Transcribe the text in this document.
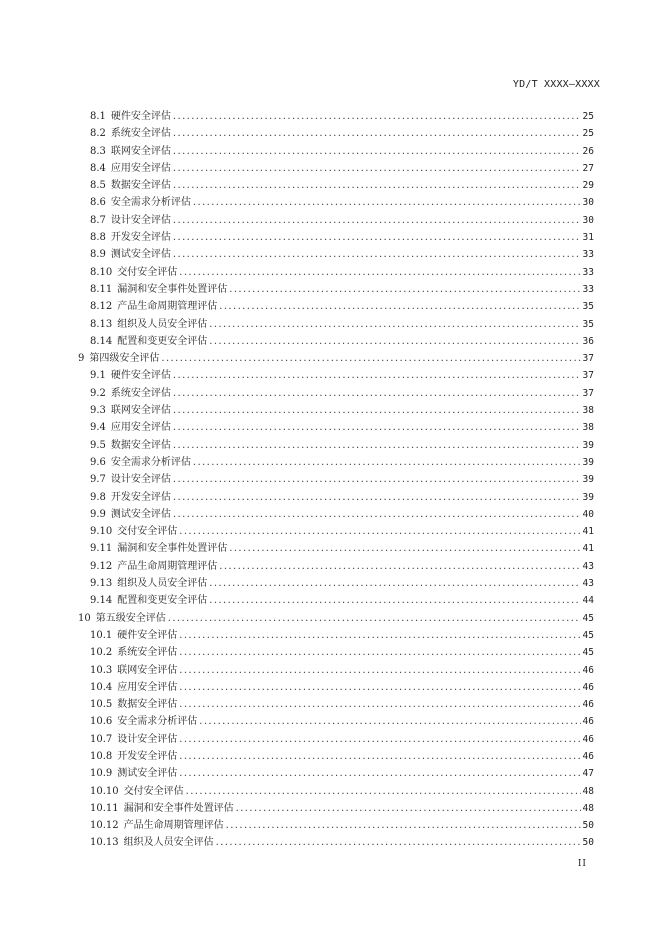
YD/T XXXX—XXXX
8.1 硬件安全评估 .....	25
8.2 系统安全评估 .....	25
8.3 联网安全评估 .....	26
8.4 应用安全评估 .....	27
8.5 数据安全评估 .....	29
8.6 安全需求分析评估 .....	30
8.7 设计安全评估 .....	30
8.8 开发安全评估 .....	31
8.9 测试安全评估 .....	33
8.10 交付安全评估 .....	33
8.11 漏洞和安全事件处置评估 .....	33
8.12 产品生命周期管理评估 .....	35
8.13 组织及人员安全评估 .....	35
8.14 配置和变更安全评估 .....	36
9 第四级安全评估 .....	37
9.1 硬件安全评估 .....	37
9.2 系统安全评估 .....	37
9.3 联网安全评估 .....	38
9.4 应用安全评估 .....	38
9.5 数据安全评估 .....	39
9.6 安全需求分析评估 .....	39
9.7 设计安全评估 .....	39
9.8 开发安全评估 .....	39
9.9 测试安全评估 .....	40
9.10 交付安全评估 .....	41
9.11 漏洞和安全事件处置评估 .....	41
9.12 产品生命周期管理评估 .....	43
9.13 组织及人员安全评估 .....	43
9.14 配置和变更安全评估 .....	44
10 第五级安全评估 .....	45
10.1 硬件安全评估 .....	45
10.2 系统安全评估 .....	45
10.3 联网安全评估 .....	46
10.4 应用安全评估 .....	46
10.5 数据安全评估 .....	46
10.6 安全需求分析评估 .....	46
10.7 设计安全评估 .....	46
10.8 开发安全评估 .....	46
10.9 测试安全评估 .....	47
10.10 交付安全评估 .....	48
10.11 漏洞和安全事件处置评估 .....	48
10.12 产品生命周期管理评估 .....	50
10.13 组织及人员安全评估 .....	50
II
